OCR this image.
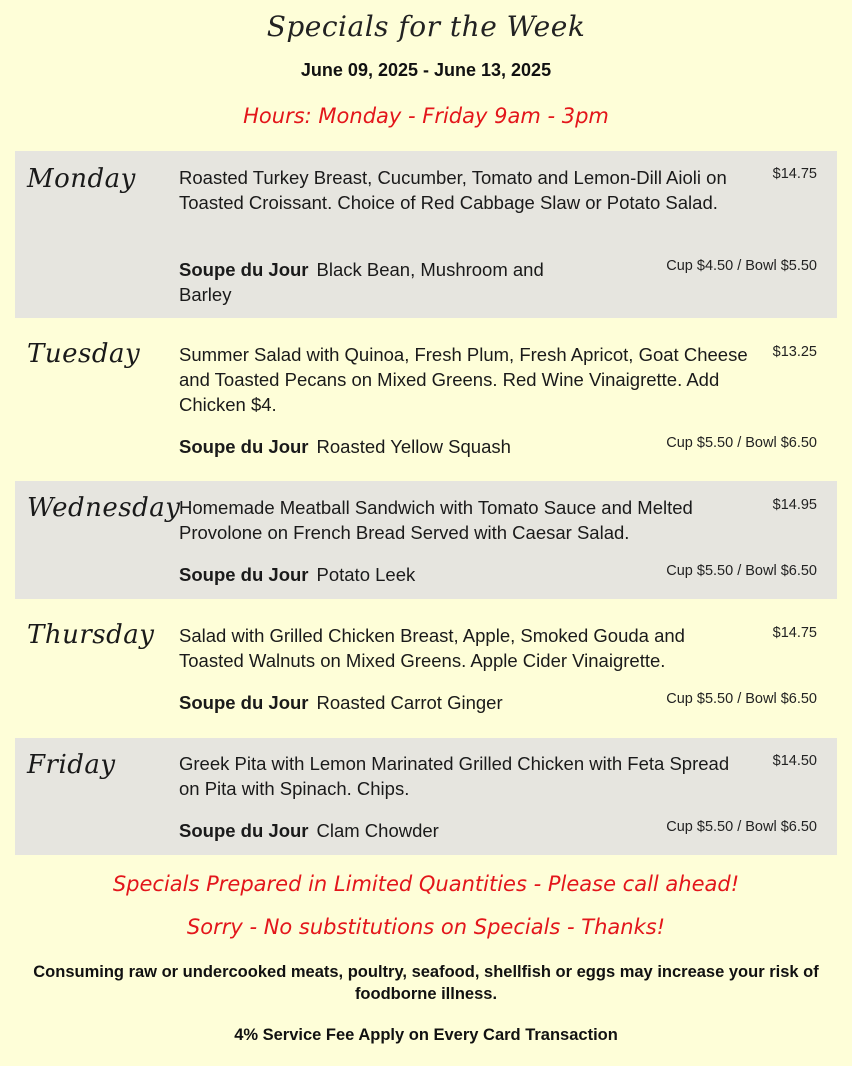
Specials for the Week
June 09, 2025 - June 13, 2025
Hours: Monday - Friday 9am - 3pm
Monday Roasted Turkey Breast, Cucumber, Tomato and Lemon-Dill Aioli on Toasted Croissant. Choice of Red Cabbage Slaw or Potato Salad.
$14.75
Soupe du Jour Black Bean, Mushroom and Barley
Cup $4.50 / Bowl $5.50
Tuesday Summer Salad with Quinoa, Fresh Plum, Fresh Apricot, Goat Cheese and Toasted Pecans on Mixed Greens. Red Wine Vinaigrette. Add Chicken $4.
$13.25
Soupe du Jour Roasted Yellow Squash	Cup $5.50 / Bowl $6.50
Wednesday
Homemade Meatball Sandwich with Tomato Sauce and Melted Provolone on French Bread Served with Caesar Salad.
$14.95
Soupe du Jour Potato Leek	Cup $5.50 / Bowl $6.50
Thursday Salad with Grilled Chicken Breast, Apple, Smoked Gouda and Toasted Walnuts on Mixed Greens. Apple Cider Vinaigrette.
$14.75
Soupe du Jour Roasted Carrot Ginger	Cup $5.50 / Bowl $6.50
Friday	Greek Pita with Lemon Marinated Grilled Chicken with Feta Spread on Pita with Spinach. Chips.
$14.50
Soupe du Jour Clam Chowder	Cup $5.50 / Bowl $6.50
Specials Prepared in Limited Quantities - Please call ahead!
Sorry - No substitutions on Specials - Thanks!
Consuming raw or undercooked meats, poultry, seafood, shellfish or eggs may increase your risk of foodborne illness.
4% Service Fee Apply on Every Card Transaction
